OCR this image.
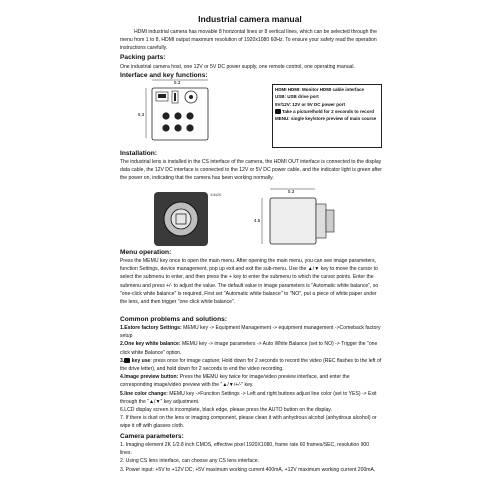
Industrial camera manual
HDMI industrial camera has movable 8 horizontal lines or 8 vertical lines, which can be selected through the menu from 1 to 8, HDMI output maximum resolution of 1920x1080 60Hz. To ensure your safety read the operation instructions carefully.
Packing parts:
One industrial camera host, one 12V or 5V DC power supply, one remote control, one operating manual.
Interface and key functions:
5.3
5.3
HDMI HDMI: Monitor HDMI cable interface
USB: USB drive port
5V/12V: 12V or 5V DC power port
Take a picture/hold for 2 seconds to record
MENU: single key/store preview of main course
Installation:
The industrial lens is installed in the CS interface of the camera, the HDMI OUT interface is connected to the display data cable, the 12V DC interface is connected to the 12V or 5V DC power cable, and the indicator light is green after the power on, indicating that the camera has been working normally.
1/4x20
5.3
4.5
Menu operation:
Press the MEMU key once to open the main menu. After opening the main menu, you can see image parameters, function Settings, device management, pop up exit and exit the sub-menu. Use the ▲/▼ key to move the cursor to select the submenu to enter, and then press the + key to enter the submenu to which the cursor points. Enter the submenu and press +/- to adjust the value. The default value in image parameters is "Automatic white balance", so "one-click white balance" is required. First set "Automatic white balance" to "NO", put a piece of white paper under the lens, and then trigger "one click white balance".
Common problems and solutions:
1.Estore factory Settings: MEMU key -> Equipment Management -> equipment management ->Comeback factory setup
2.One key white balance: MEMU key -> image parameters -> Auto White Balance (set to NO) -> Trigger the "one click white Balance" option.
3. key use: press once for image capture; Hold down for 2 seconds to record the video (REC flashes to the left of the drive letter), and hold down for 2 seconds to end the video recording.
4.Image preview button: Press the MEMU key twice for image/video preview interface, and enter the corresponding image/video preview with the "▲/▼/+/-" key.
5.line color change: MEMU key ->Function Settings -> Left and right buttons adjust line color (set to YES) -> Exit through the "▲/▼" key adjustment.
6.LCD display screen is incomplete, black edge, please press the AUTO button on the display.
7. If there is dust on the lens or imaging component, please clean it with anhydrous alcohol (anhydrous alcohol) or wipe it off with glasses cloth.
Camera parameters:
1. Imaging element 2K 1/2.8 inch CMOS, effective pixel 1920X1080, frame rate 60 frames/SEC, resolution 900 lines.
2. Using CS lens interface, can choose any CS lens interface.
3. Power input: +5V to +12V DC; +5V maximum working current 400mA, +12V maximum working current 200mA.
